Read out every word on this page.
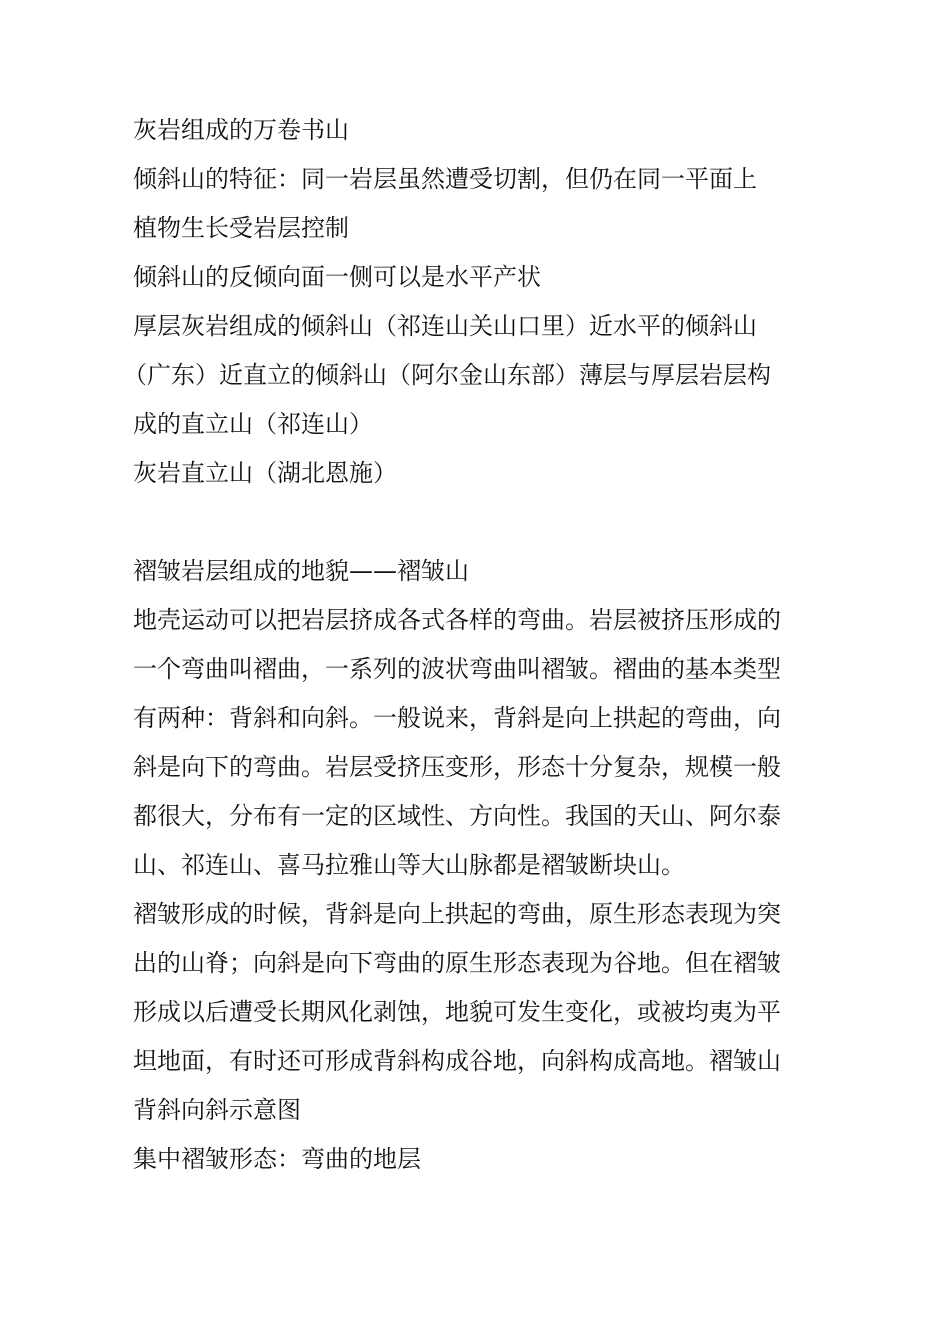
灰岩组成的万卷书山
倾斜山的特征：同一岩层虽然遭受切割，但仍在同一平面上
植物生长受岩层控制
倾斜山的反倾向面一侧可以是水平产状
厚层灰岩组成的倾斜山（祁连山关山口里）近水平的倾斜山
（广东）近直立的倾斜山（阿尔金山东部）薄层与厚层岩层构
成的直立山（祁连山）
灰岩直立山（湖北恩施）
褶皱岩层组成的地貌——褶皱山
地壳运动可以把岩层挤成各式各样的弯曲。岩层被挤压形成的
一个弯曲叫褶曲，一系列的波状弯曲叫褶皱。褶曲的基本类型
有两种：背斜和向斜。一般说来，背斜是向上拱起的弯曲，向
斜是向下的弯曲。岩层受挤压变形，形态十分复杂，规模一般
都很大，分布有一定的区域性、方向性。我国的天山、阿尔泰
山、祁连山、喜马拉雅山等大山脉都是褶皱断块山。
褶皱形成的时候，背斜是向上拱起的弯曲，原生形态表现为突
出的山脊；向斜是向下弯曲的原生形态表现为谷地。但在褶皱
形成以后遭受长期风化剥蚀，地貌可发生变化，或被均夷为平
坦地面，有时还可形成背斜构成谷地，向斜构成高地。褶皱山
背斜向斜示意图
集中褶皱形态：弯曲的地层
